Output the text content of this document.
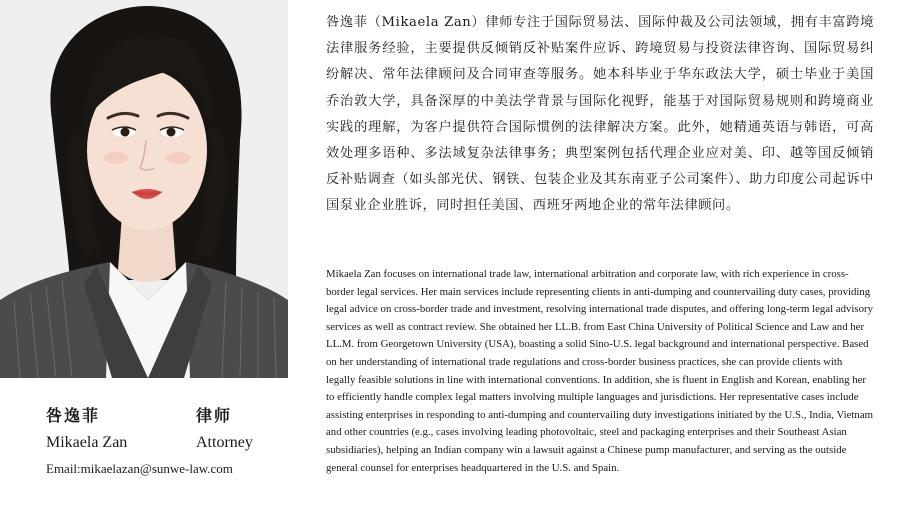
咎逸菲	律师
Mikaela Zan	Attorney
Email:mikaelazan@sunwe-law.com
咎逸菲（Mikaela Zan）律师专注于国际贸易法、国际仲裁及公司法领域，拥有丰富跨境法律服务经验，主要提供反倾销反补贴案件应诉、跨境贸易与投资法律咨询、国际贸易纠纷解决、常年法律顾问及合同审查等服务。她本科毕业于华东政法大学，硕士毕业于美国乔治敦大学，具备深厚的中美法学背景与国际化视野，能基于对国际贸易规则和跨境商业实践的理解，为客户提供符合国际惯例的法律解决方案。此外，她精通英语与韩语，可高效处理多语种、多法域复杂法律事务；典型案例包括代理企业应对美、印、越等国反倾销反补贴调查（如头部光伏、钢铁、包装企业及其东南亚子公司案件）、助力印度公司起诉中国泵业企业胜诉，同时担任美国、西班牙两地企业的常年法律顾问。
Mikaela Zan focuses on international trade law, international arbitration and corporate law, with rich experience in cross-border legal services. Her main services include representing clients in anti-dumping and countervailing duty cases, providing legal advice on cross-border trade and investment, resolving international trade disputes, and offering long-term legal advisory services as well as contract review. She obtained her LL.B. from East China University of Political Science and Law and her LL.M. from Georgetown University (USA), boasting a solid Sino-U.S. legal background and international perspective. Based on her understanding of international trade regulations and cross-border business practices, she can provide clients with legally feasible solutions in line with international conventions. In addition, she is fluent in English and Korean, enabling her to efficiently handle complex legal matters involving multiple languages and jurisdictions. Her representative cases include assisting enterprises in responding to anti-dumping and countervailing duty investigations initiated by the U.S., India, Vietnam and other countries (e.g., cases involving leading photovoltaic, steel and packaging enterprises and their Southeast Asian subsidiaries), helping an Indian company win a lawsuit against a Chinese pump manufacturer, and serving as the outside general counsel for enterprises headquartered in the U.S. and Spain.
